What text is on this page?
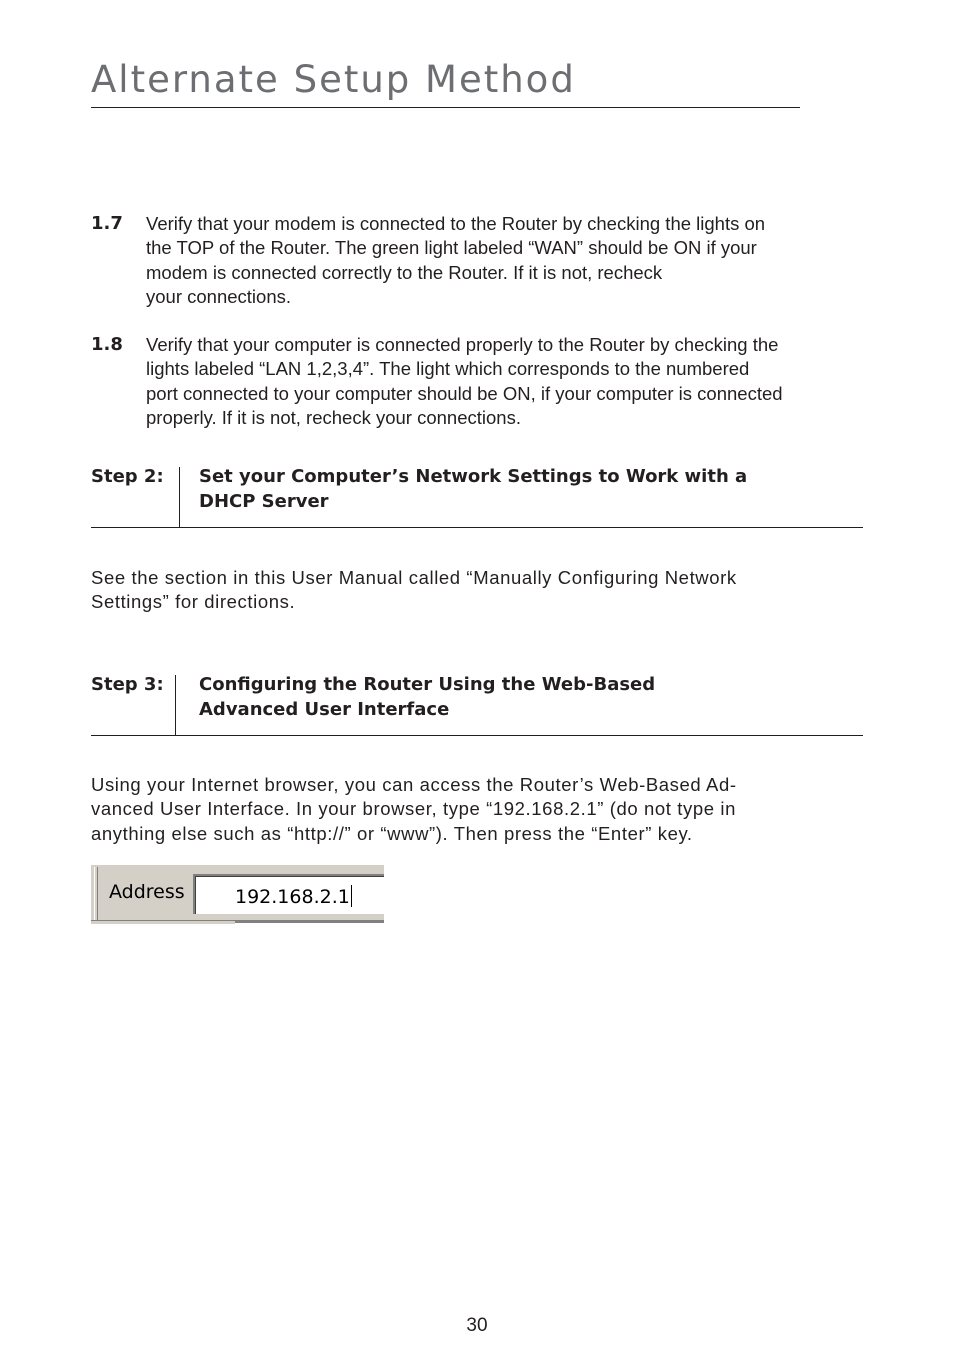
Alternate Setup Method
1.7 Verify that your modem is connected to the Router by checking the lights on
the TOP of the Router. The green light labeled “WAN” should be ON if your
modem is connected correctly to the Router. If it is not, recheck
your connections.
1.8 Verify that your computer is connected properly to the Router by checking the
lights labeled “LAN 1,2,3,4”. The light which corresponds to the numbered
port connected to your computer should be ON, if your computer is connected
properly. If it is not, recheck your connections.
Step 2: Set your Computer’s Network Settings to Work with a
DHCP Server
See the section in this User Manual called “Manually Configuring Network
Settings” for directions.
Step 3: Configuring the Router Using the Web-Based
Advanced User Interface
Using your Internet browser, you can access the Router’s Web-Based Ad-
vanced User Interface. In your browser, type “192.168.2.1” (do not type in
anything else such as “http://” or “www”). Then press the “Enter” key.
Address	192.168.2.1
30
